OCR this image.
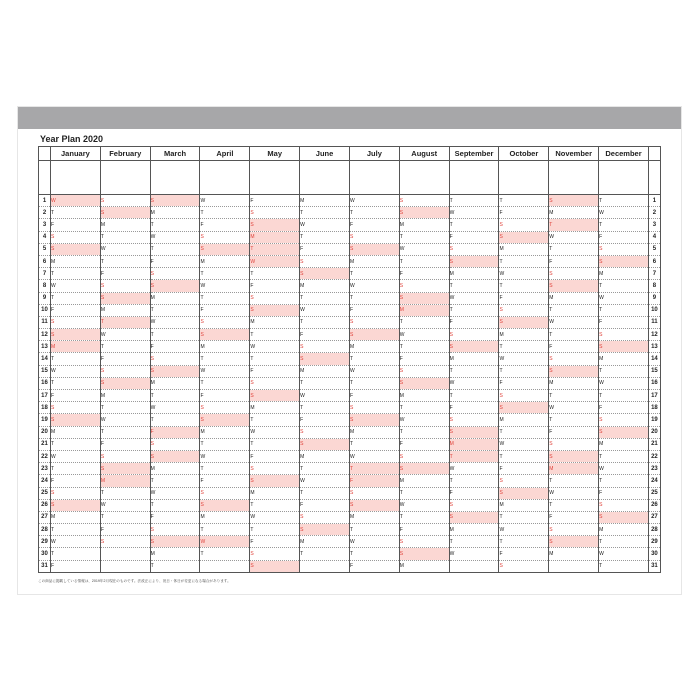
Year Plan 2020
	January	February	March	April	May	June	July	August	September	October	November	December	

1	W	S	S	W	F	M	W	S	T	T	S	T	1
2	T	S	M	T	S	T	T	S	W	F	M	W	2
3	F	M	T	F	S	W	F	M	T	S	T	T	3
4	S	T	W	S	M	T	S	T	F	S	W	F	4
5	S	W	T	S	T	F	S	W	S	M	T	S	5
6	M	T	F	M	W	S	M	T	S	T	F	S	6
7	T	F	S	T	T	S	T	F	M	W	S	M	7
8	W	S	S	W	F	M	W	S	T	T	S	T	8
9	T	S	M	T	S	T	T	S	W	F	M	W	9
10	F	M	T	F	S	W	F	M	T	S	T	T	10
11	S	T	W	S	M	T	S	T	F	S	W	F	11
12	S	W	T	S	T	F	S	W	S	M	T	S	12
13	M	T	F	M	W	S	M	T	S	T	F	S	13
14	T	F	S	T	T	S	T	F	M	W	S	M	14
15	W	S	S	W	F	M	W	S	T	T	S	T	15
16	T	S	M	T	S	T	T	S	W	F	M	W	16
17	F	M	T	F	S	W	F	M	T	S	T	T	17
18	S	T	W	S	M	T	S	T	F	S	W	F	18
19	S	W	T	S	T	F	S	W	S	M	T	S	19
20	M	T	F	M	W	S	M	T	S	T	F	S	20
21	T	F	S	T	T	S	T	F	M	W	S	M	21
22	W	S	S	W	F	M	W	S	T	T	S	T	22
23	T	S	M	T	S	T	T	S	W	F	M	W	23
24	F	M	T	F	S	W	F	M	T	S	T	T	24
25	S	T	W	S	M	T	S	T	F	S	W	F	25
26	S	W	T	S	T	F	S	W	S	M	T	S	26
27	M	T	F	M	W	S	M	T	S	T	F	S	27
28	T	F	S	T	T	S	T	F	M	W	S	M	28
29	W	S	S	W	F	M	W	S	T	T	S	T	29
30	T		M	T	S	T	T	S	W	F	M	W	30
31	F		T		S		F	M		S		T	31
この商品に掲載している情報は、2019年2月現在のものです。法改正により、祝日・休日が変更になる場合があります。
